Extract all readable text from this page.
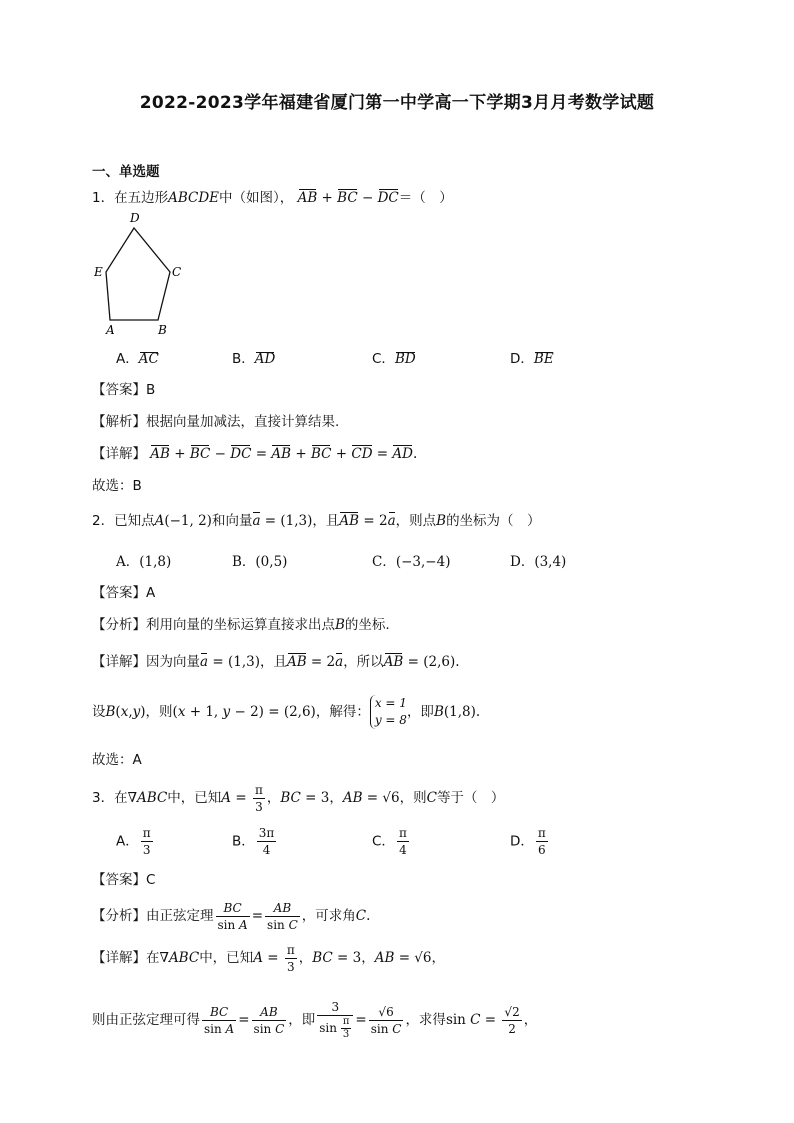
2022-2023学年福建省厦门第一中学高一下学期3月月考数学试题
一、单选题
1．在五边形ABCDE中（如图）， AB + BC − DC＝（　）
A	B
C
D
E
A．AC	B．AD	C．BD	D．BE
【答案】B
【解析】根据向量加减法，直接计算结果.
【详解】 AB + BC − DC = AB + BC + CD = AD.
故选：B
2．已知点A(−1, 2)和向量a = (1,3)，且AB = 2a，则点B的坐标为（　）
A．(1,8)	B．(0,5)	C．(−3,−4)	D．(3,4)
【答案】A
【分析】利用向量的坐标运算直接求出点B的坐标.
【详解】因为向量a = (1,3)，且AB = 2a，所以AB = (2,6).
设B(x,y)，则(x + 1, y − 2) = (2,6)，解得：
x = 1
y = 8 ，即B(1,8).
故选：A
3．在∇ABC中，已知$A = \frac{\pi}{3}$ ，BC = 3，AB = √6，则C等于（　）
A． $\frac{\pi}{3}$	B． $\frac{3\pi}{4}$	C． $\frac{\pi}{4}$	D． $\frac{\pi}{6}$
【答案】C
【分析】由正弦定理 $\frac{BC}{\text{sin A}} = \frac{AB}{\text{sin C}}$ ，可求角C.
【详解】在∇ABC中，已知$A = \frac{\pi}{3}$ ，BC = 3，AB = √6，
则由正弦定理可得 $\frac{BC}{\text{sin A}} = \frac{AB}{\text{sin C}}$ ，即 $\frac{3}{\sin \frac{\pi}{3}} = \frac{√6}{\text{sin C}}$ ，求得$\sin C = \frac{√2}{2}$ ，
